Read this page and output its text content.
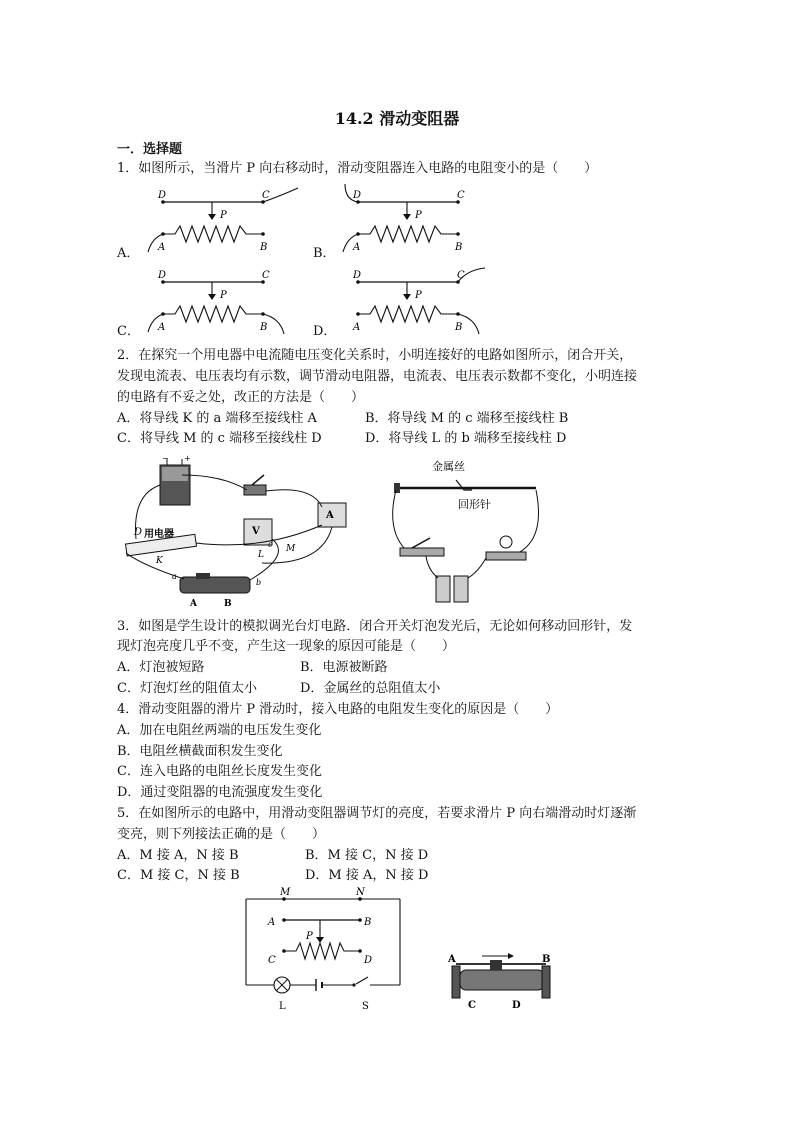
14.2 滑动变阻器
一．选择题
1．如图所示，当滑片 P 向右移动时，滑动变阻器连入电路的电阻变小的是（　　）
D	C
P
A	B
A．
D	C
P
A	B
B．
D	C
P
A	B
C．
D	C
P
A	B
D．
2．在探究一个用电器中电流随电压变化关系时，小明连接好的电路如图所示，闭合开关，
发现电流表、电压表均有示数，调节滑动电阻器，电流表、电压表示数都不变化，小明连接
的电路有不妥之处，改正的方法是（　　）
A．将导线 K 的 a 端移至接线柱 A	B．将导线 M 的 c 端移至接线柱 B
C．将导线 M 的 c 端移至接线柱 D	D．将导线 L 的 b 端移至接线柱 D
− +
V
A
D 用电器
A	B
K
L
M
a
b
c
金属丝
回形针
3．如图是学生设计的模拟调光台灯电路．闭合开关灯泡发光后，无论如何移动回形针，发
现灯泡亮度几乎不变，产生这一现象的原因可能是（　　）
A．灯泡被短路	B．电源被断路
C．灯泡灯丝的阻值太小	D．金属丝的总阻值太小
4．滑动变阻器的滑片 P 滑动时，接入电路的电阻发生变化的原因是（　　）
A．加在电阻丝两端的电压发生变化
B．电阻丝横截面积发生变化
C．连入电路的电阻丝长度发生变化
D．通过变阻器的电流强度发生变化
5．在如图所示的电路中，用滑动变阻器调节灯的亮度，若要求滑片 P 向右端滑动时灯逐渐
变亮，则下列接法正确的是（　　）
A．M 接 A，N 接 B	B．M 接 C，N 接 D
C．M 接 C，N 接 B	D．M 接 A，N 接 D
L	S
M	N
A	B
P
C	D	A	B
C	D
